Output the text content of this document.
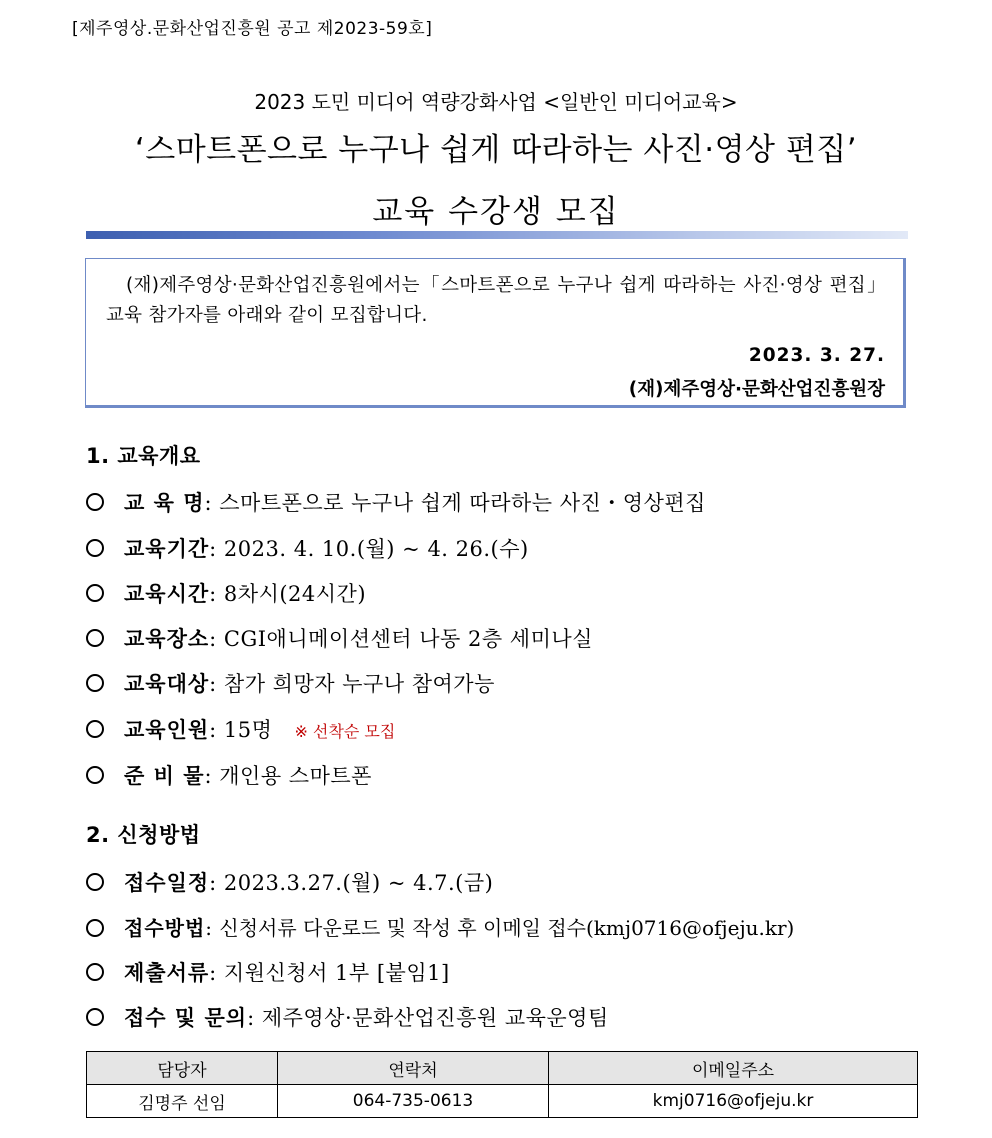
[제주영상.문화산업진흥원 공고 제2023-59호]
2023 도민 미디어 역량강화사업 <일반인 미디어교육>
‘스마트폰으로 누구나 쉽게 따라하는 사진·영상 편집’
교육 수강생 모집
(재)제주영상·문화산업진흥원에서는「스마트폰으로 누구나 쉽게 따라하는 사진·영상 편집」교육 참가자를 아래와 같이 모집합니다.
2023. 3. 27.
(재)제주영상·문화산업진흥원장
1. 교육개요
교 육 명: 스마트폰으로 누구나 쉽게 따라하는 사진・영상편집
교육기간: 2023. 4. 10.(월) ~ 4. 26.(수)
교육시간: 8차시(24시간)
교육장소: CGI애니메이션센터 나동 2층 세미나실
교육대상: 참가 희망자 누구나 참여가능
교육인원: 15명 ※ 선착순 모집
준 비 물: 개인용 스마트폰
2. 신청방법
접수일정: 2023.3.27.(월) ~ 4.7.(금)
접수방법: 신청서류 다운로드 및 작성 후 이메일 접수(kmj0716@ofjeju.kr)
제출서류: 지원신청서 1부 [붙임1]
접수 및 문의: 제주영상·문화산업진흥원 교육운영팀
담당자	연락처	이메일주소
김명주 선임	064-735-0613	kmj0716@ofjeju.kr
